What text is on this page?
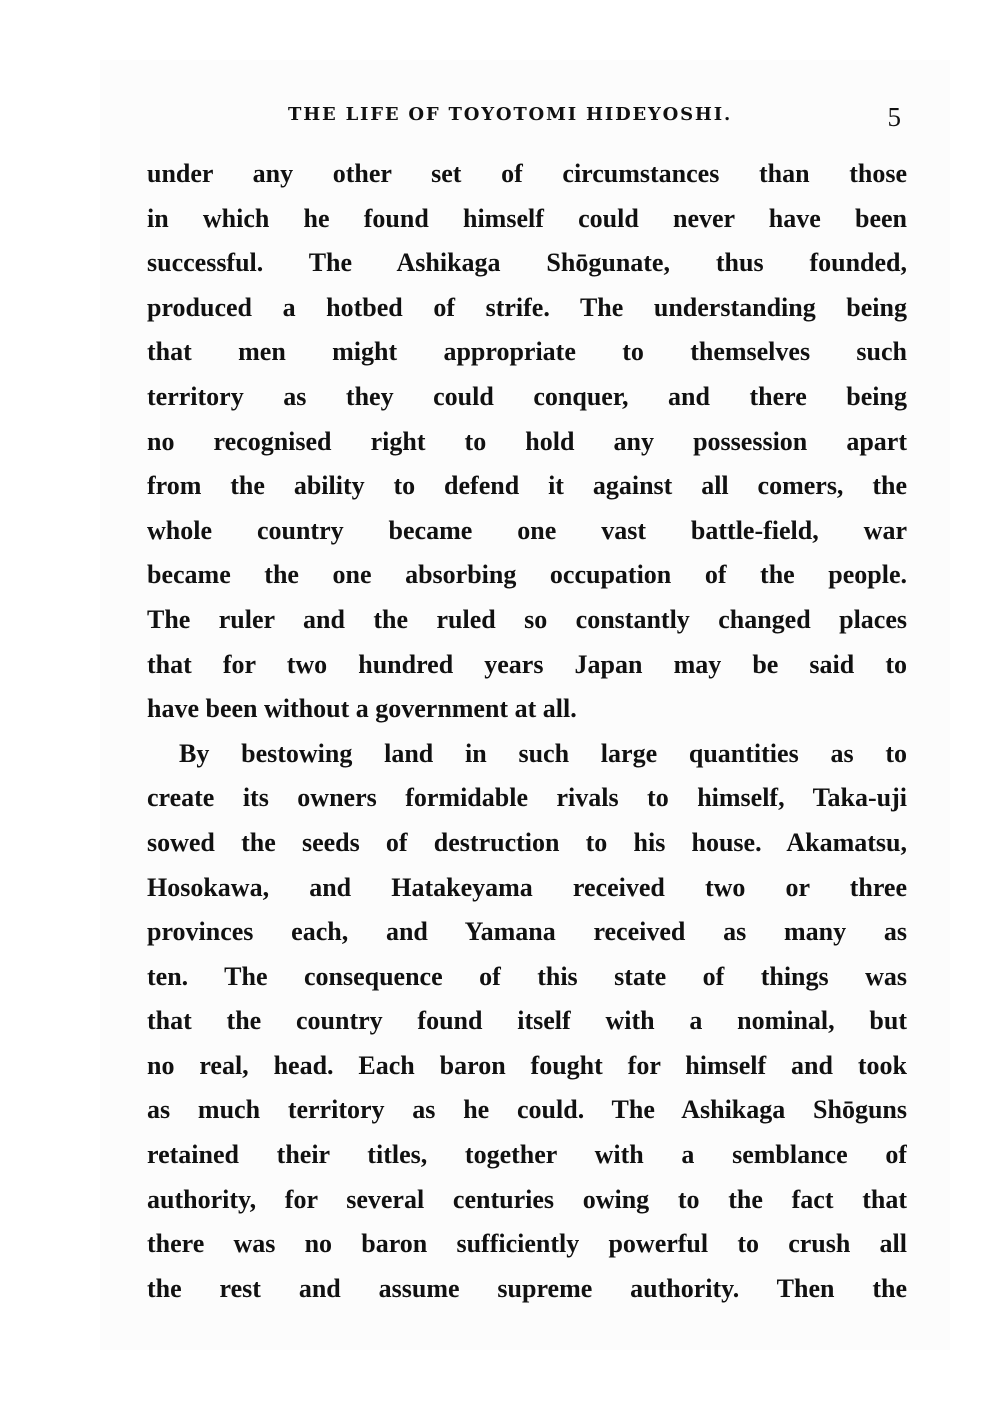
THE LIFE OF TOYOTOMI HIDEYOSHI.	5
under any other set of circumstances than those
in which he found himself could never have been
successful. The Ashikaga Shōgunate, thus founded,
produced a hotbed of strife. The understanding being
that men might appropriate to themselves such
territory as they could conquer, and there being
no recognised right to hold any possession apart
from the ability to defend it against all comers, the
whole country became one vast battle-field, war
became the one absorbing occupation of the people.
The ruler and the ruled so constantly changed places
that for two hundred years Japan may be said to
have been without a government at all.
By bestowing land in such large quantities as to
create its owners formidable rivals to himself, Taka-uji
sowed the seeds of destruction to his house. Akamatsu,
Hosokawa, and Hatakeyama received two or three
provinces each, and Yamana received as many as
ten. The consequence of this state of things was
that the country found itself with a nominal, but
no real, head. Each baron fought for himself and took
as much territory as he could. The Ashikaga Shōguns
retained their titles, together with a semblance of
authority, for several centuries owing to the fact that
there was no baron sufficiently powerful to crush all
the rest and assume supreme authority. Then the
